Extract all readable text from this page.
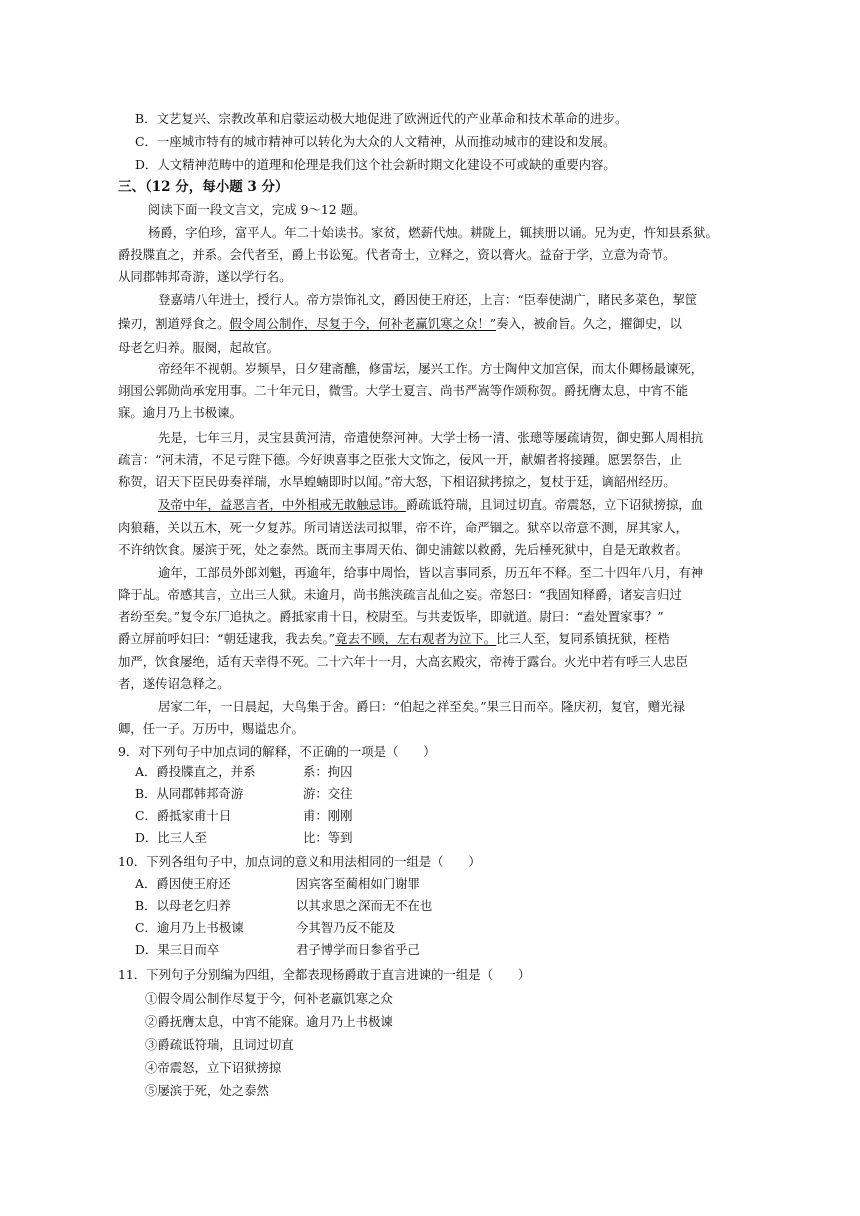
B．文艺复兴、宗教改革和启蒙运动极大地促进了欧洲近代的产业革命和技术革命的进步。
C．一座城市特有的城市精神可以转化为大众的人文精神，从而推动城市的建设和发展。
D．人文精神范畴中的道理和伦理是我们这个社会新时期文化建设不可或缺的重要内容。
三、（12 分，每小题 3 分）
阅读下面一段文言文，完成 9～12 题。
杨爵，字伯珍，富平人。年二十始读书。家贫，燃薪代烛。耕陇上，辄挟册以诵。兄为吏，忤知县系狱。
爵投牒直之，并系。会代者至，爵上书讼冤。代者奇士，立释之，资以膏火。益奋于学，立意为奇节。
从同郡韩邦奇游，遂以学行名。
登嘉靖八年进士，授行人。帝方崇饰礼文，爵因使王府还，上言：“臣奉使湖广，睹民多菜色，挈筐
操刃，割道殍食之。假令周公制作，尽复于今，何补老赢饥寒之众！”奏入，被俞旨。久之，擢御史，以
母老乞归养。服阕，起故官。
帝经年不视朝。岁频旱，日夕建斋醮，修雷坛，屡兴工作。方士陶仲文加宫保，而太仆卿杨最谏死，
翊国公郭勋尚承宠用事。二十年元日，微雪。大学士夏言、尚书严嵩等作颂称贺。爵抚膺太息，中宵不能
寐。逾月乃上书极谏。
先是，七年三月，灵宝县黄河清，帝遣使祭河神。大学士杨一清、张璁等屡疏请贺，御史鄞人周相抗
疏言：“河未清，不足亏陛下德。今好谀喜事之臣张大文饰之，佞风一开，献媚者将接踵。愿罢祭告，止
称贺，诏天下臣民毋奏祥瑞，水旱蝗蝻即时以闻。”帝大怒，下相诏狱拷掠之，复杖于廷，谪韶州经历。
及帝中年，益恶言者，中外相戒无敢触忌讳。爵疏诋符瑞，且词过切直。帝震怒，立下诏狱搒掠，血
肉狼藉，关以五木，死一夕复苏。所司请送法司拟罪，帝不许，命严锢之。狱卒以帝意不测，屏其家人，
不许纳饮食。屡滨于死，处之泰然。既而主事周天佑、御史浦鋐以救爵，先后棰死狱中，自是无敢救者。
逾年，工部员外郎刘魁，再逾年，给事中周怡，皆以言事同系，历五年不释。至二十四年八月，有神
降于乩。帝感其言，立出三人狱。未逾月，尚书熊浃疏言乩仙之妄。帝怒曰：“我固知释爵，诸妄言归过
者纷至矣。”复令东厂追执之。爵抵家甫十日，校尉至。与共麦饭毕，即就道。尉曰：“盍处置家事？”
爵立屏前呼妇曰：“朝廷逮我，我去矣。”竟去不顾，左右观者为泣下。比三人至，复同系镇抚狱，桎梏
加严，饮食屡绝，适有天幸得不死。二十六年十一月，大高玄殿灾，帝祷于露台。火光中若有呼三人忠臣
者，遂传诏急释之。
居家二年，一日晨起，大鸟集于舍。爵曰：“伯起之祥至矣。”果三日而卒。隆庆初，复官，赠光禄
卿，任一子。万历中，赐谥忠介。
9．对下列句子中加点词的解释，不正确的一项是（　　）
A．爵投牒直之，并系	系：拘囚
B．从同郡韩邦奇游	游：交往
C．爵抵家甫十日	甫：刚刚
D．比三人至	比：等到
10．下列各组句子中，加点词的意义和用法相同的一组是（　　）
A．爵因使王府还	因宾客至蔺相如门谢罪
B．以母老乞归养	以其求思之深而无不在也
C．逾月乃上书极谏	今其智乃反不能及
D．果三日而卒	君子博学而日参省乎己
11．下列句子分别编为四组，全都表现杨爵敢于直言进谏的一组是（　　）
①假令周公制作尽复于今，何补老羸饥寒之众
②爵抚膺太息，中宵不能寐。逾月乃上书极谏
③爵疏诋符瑞，且词过切直
④帝震怒，立下诏狱搒掠
⑤屡滨于死，处之泰然
